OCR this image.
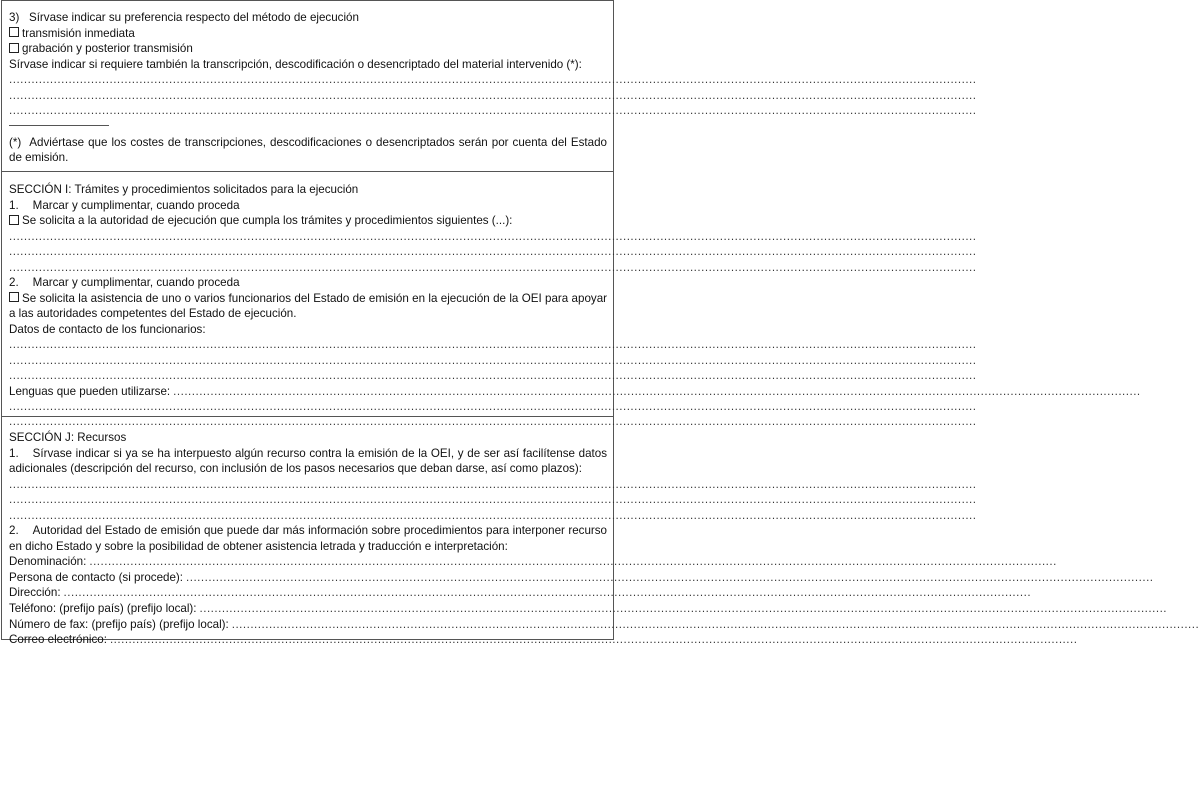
3)   Sírvase indicar su preferencia respecto del método de ejecución
transmisión inmediata
grabación y posterior transmisión
Sírvase indicar si requiere también la transcripción, descodificación o desencriptado del material intervenido (*):
....................................................................................................................................................................................................................................................................
....................................................................................................................................................................................................................................................................
....................................................................................................................................................................................................................................................................
(*)  Adviértase que los costes de transcripciones, descodificaciones o desencriptados serán por cuenta del Estado de emisión.
SECCIÓN I: Trámites y procedimientos solicitados para la ejecución
1. Marcar y cumplimentar, cuando proceda
Se solicita a la autoridad de ejecución que cumpla los trámites y procedimientos siguientes (...):
....................................................................................................................................................................................................................................................................
....................................................................................................................................................................................................................................................................
....................................................................................................................................................................................................................................................................
2. Marcar y cumplimentar, cuando proceda
Se solicita la asistencia de uno o varios funcionarios del Estado de emisión en la ejecución de la OEI para apoyar a las autoridades competentes del Estado de ejecución.
Datos de contacto de los funcionarios:
....................................................................................................................................................................................................................................................................
....................................................................................................................................................................................................................................................................
....................................................................................................................................................................................................................................................................
Lenguas que pueden utilizarse: ....................................................................................................................................................................................................................................................................
....................................................................................................................................................................................................................................................................
....................................................................................................................................................................................................................................................................
SECCIÓN J: Recursos
1. Sírvase indicar si ya se ha interpuesto algún recurso contra la emisión de la OEI, y de ser así facilítense datos adicionales (descripción del recurso, con inclusión de los pasos necesarios que deban darse, así como plazos):
....................................................................................................................................................................................................................................................................
....................................................................................................................................................................................................................................................................
....................................................................................................................................................................................................................................................................
2. Autoridad del Estado de emisión que puede dar más información sobre procedimientos para interponer recurso en dicho Estado y sobre la posibilidad de obtener asistencia letrada y traducción e interpretación:
Denominación: ....................................................................................................................................................................................................................................................................
Persona de contacto (si procede): ....................................................................................................................................................................................................................................................................
Dirección: ....................................................................................................................................................................................................................................................................
Teléfono: (prefijo país) (prefijo local): ....................................................................................................................................................................................................................................................................
Número de fax: (prefijo país) (prefijo local): ....................................................................................................................................................................................................................................................................
Correo electrónico: ....................................................................................................................................................................................................................................................................
